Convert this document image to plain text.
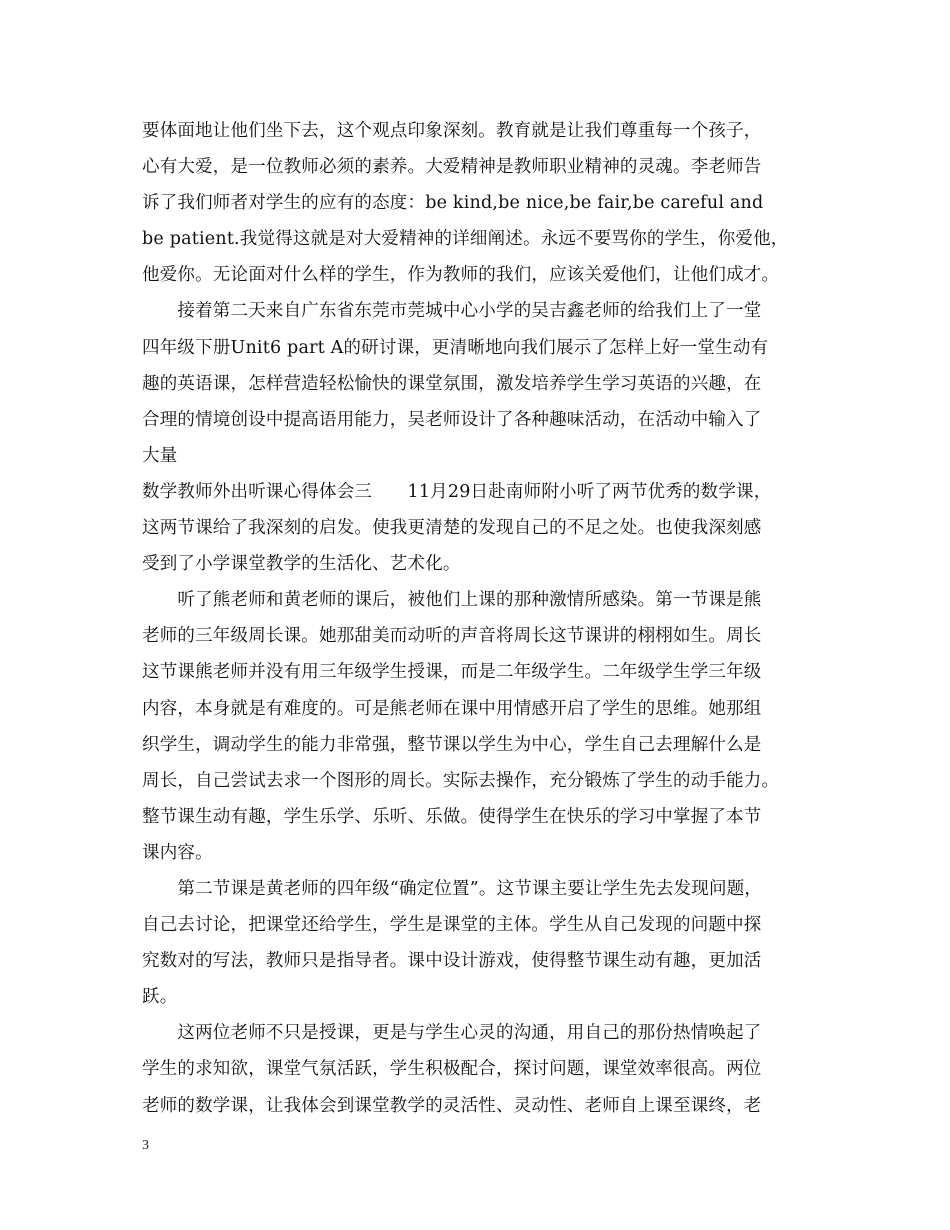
要体面地让他们坐下去，这个观点印象深刻。教育就是让我们尊重每一个孩子，
心有大爱，是一位教师必须的素养。大爱精神是教师职业精神的灵魂。李老师告
诉了我们师者对学生的应有的态度：be kind,be nice,be fair,be careful and
be patient.我觉得这就是对大爱精神的详细阐述。永远不要骂你的学生，你爱他，
他爱你。无论面对什么样的学生，作为教师的我们，应该关爱他们，让他们成才。
　　接着第二天来自广东省东莞市莞城中心小学的吴吉鑫老师的给我们上了一堂
四年级下册Unit6 part A的研讨课，更清晰地向我们展示了怎样上好一堂生动有
趣的英语课，怎样营造轻松愉快的课堂氛围，激发培养学生学习英语的兴趣，在
合理的情境创设中提高语用能力，吴老师设计了各种趣味活动，在活动中输入了
大量
数学教师外出听课心得体会三　　11月29日赴南师附小听了两节优秀的数学课，
这两节课给了我深刻的启发。使我更清楚的发现自己的不足之处。也使我深刻感
受到了小学课堂教学的生活化、艺术化。
　　听了熊老师和黄老师的课后，被他们上课的那种激情所感染。第一节课是熊
老师的三年级周长课。她那甜美而动听的声音将周长这节课讲的栩栩如生。周长
这节课熊老师并没有用三年级学生授课，而是二年级学生。二年级学生学三年级
内容，本身就是有难度的。可是熊老师在课中用情感开启了学生的思维。她那组
织学生，调动学生的能力非常强，整节课以学生为中心，学生自己去理解什么是
周长，自己尝试去求一个图形的周长。实际去操作，充分锻炼了学生的动手能力。
整节课生动有趣，学生乐学、乐听、乐做。使得学生在快乐的学习中掌握了本节
课内容。
　　第二节课是黄老师的四年级“确定位置”。这节课主要让学生先去发现问题，
自己去讨论，把课堂还给学生，学生是课堂的主体。学生从自己发现的问题中探
究数对的写法，教师只是指导者。课中设计游戏，使得整节课生动有趣，更加活
跃。
　　这两位老师不只是授课，更是与学生心灵的沟通，用自己的那份热情唤起了
学生的求知欲，课堂气氛活跃，学生积极配合，探讨问题，课堂效率很高。两位
老师的数学课，让我体会到课堂教学的灵活性、灵动性、老师自上课至课终，老
3
